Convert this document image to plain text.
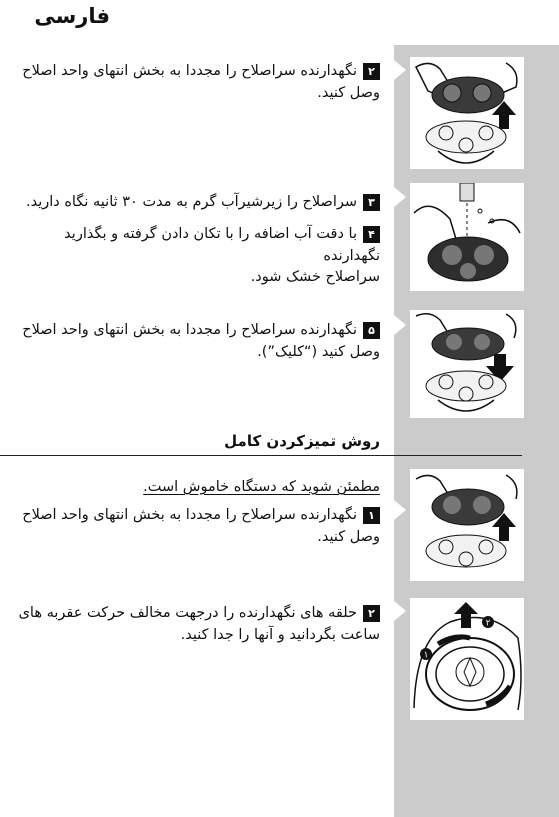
فارسی
۲نگهدارنده سراصلاح را مجددا به بخش انتهای واحد اصلاح
وصل کنید.
۳سراصلاح را زیرشیرآب گرم به مدت ۳۰ ثانیه نگاه دارید.
۴با دقت آب اضافه را با تکان دادن گرفته و بگذارید نگهدارنده
سراصلاح خشک شود.
۵نگهدارنده سراصلاح را مجددا به بخش انتهای واحد اصلاح
وصل کنید (“کلیک”).
روش تمیزکردن کامل
مطمئن شوید که دستگاه خاموش است.
۱نگهدارنده سراصلاح را مجددا به بخش انتهای واحد اصلاح
وصل کنید.
۱
۲
۲حلقه های نگهدارنده را درجهت مخالف حرکت عقربه های
ساعت بگردانید و آنها را جدا کنید.
